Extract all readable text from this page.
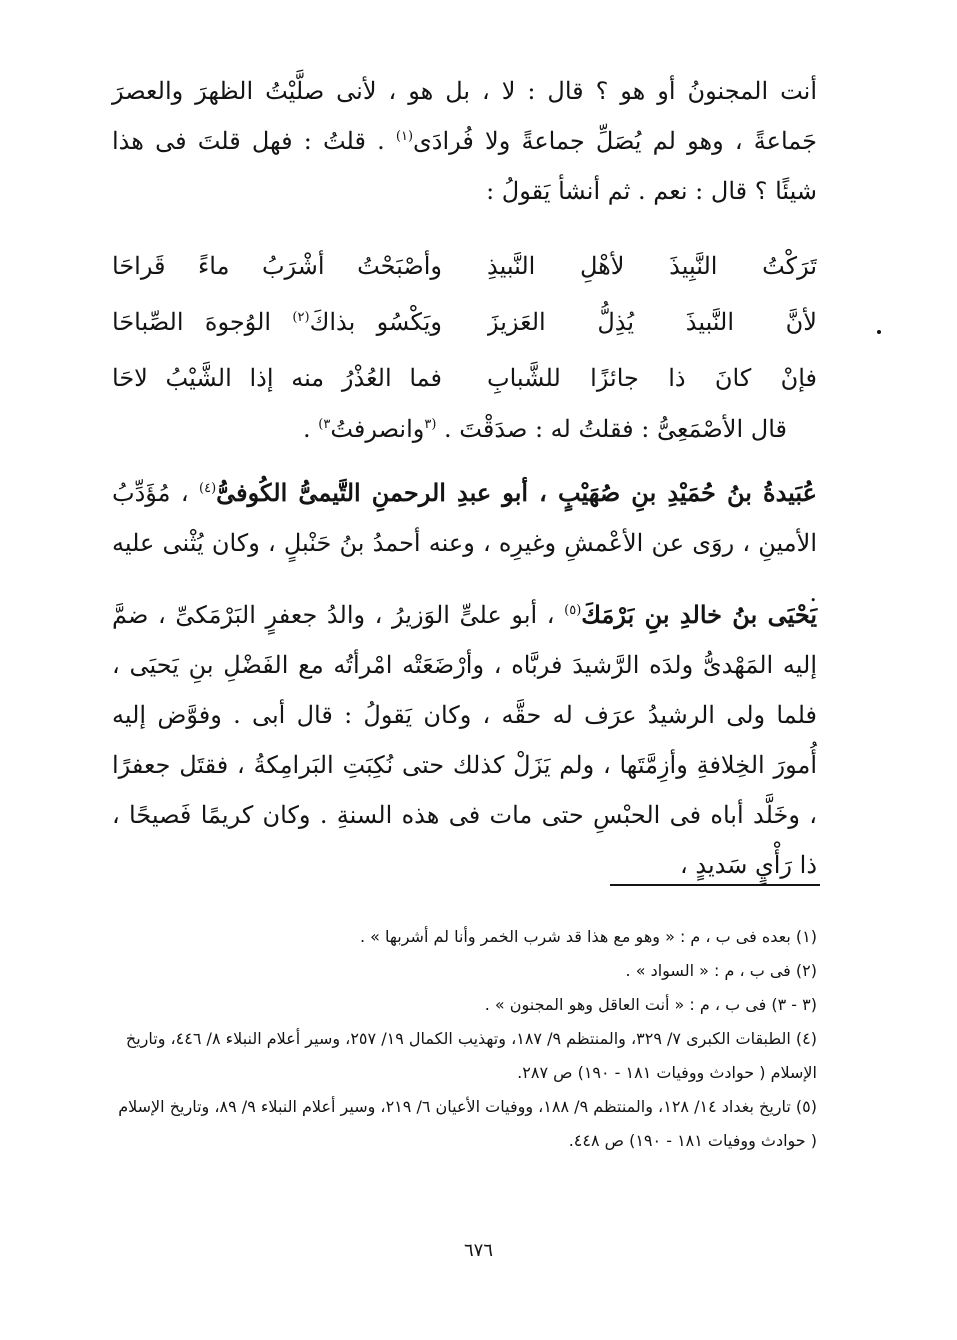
أنت المجنونُ أو هو ؟ قال : لا ، بل هو ، لأنى صلَّيْتُ الظهرَ والعصرَ جَماعةً ، وهو لم يُصَلِّ جماعةً ولا فُرادَى$^{(١)}$ . قلتُ : فهل قلتَ فى هذا شيئًا ؟ قال : نعم . ثم أنشأ يَقولُ :
تَرَكْتُ النَّبِيذَ لأهْلِ النَّبيذِ
وأصْبَحْتُ أشْرَبُ ماءً قَراحَا
لأنَّ النَّبيذَ يُذِلُّ العَزيزَ
ويَكْسُو بذاكَ$^{(٢)}$ الوُجوهَ الصِّباحَا
فإنْ كانَ ذا جائزًا للشَّبابِ
فما العُذْرُ منه إذا الشَّيْبُ لاحَا
قال الأصْمَعِىُّ : فقلتُ له : صدَقْتَ . $^{(٣}$وانصرفتُ$^{٣)}$ .
عُبَيدةُ بنُ حُمَيْدِ بنِ صُهَيْبٍ ، أبو عبدِ الرحمنِ التَّيمىُّ الكُوفىُّ$^{(٤)}$ ، مُؤَدِّبُ الأمينِ ، روَى عن الأعْمشِ وغيرِه ، وعنه أحمدُ بنُ حَنْبلٍ ، وكان يُثْنى عليه .
يَحْيَى بنُ خالدِ بنِ بَرْمَكَ$^{(٥)}$ ، أبو علىٍّ الوَزيرُ ، والدُ جعفرٍ البَرْمَكىِّ ، ضمَّ إليه المَهْدىُّ ولدَه الرَّشيدَ فربَّاه ، وأرْضَعَتْه امْرأتُه مع الفَضْلِ بنِ يَحيَى ، فلما ولى الرشيدُ عرَف له حقَّه ، وكان يَقولُ : قال أبى . وفوَّض إليه أُمورَ الخِلافةِ وأزِمَّتَها ، ولم يَزَلْ كذلك حتى نُكِبَتِ البَرامِكةُ ، فقتَل جعفرًا ، وخَلَّد أباه فى الحبْسِ حتى مات فى هذه السنةِ . وكان كريمًا فَصيحًا ، ذا رَأْيٍ سَديدٍ ،

(١) بعده فى ب ، م : « وهو مع هذا قد شرب الخمر وأنا لم أشربها » .

(٢) فى ب ، م : « السواد » .

(٣ - ٣) فى ب ، م : « أنت العاقل وهو المجنون » .

(٤) الطبقات الكبرى ٧/ ٣٢٩، والمنتظم ٩/ ١٨٧، وتهذيب الكمال ١٩/ ٢٥٧، وسير أعلام النبلاء ٨/ ٤٤٦، وتاريخ الإسلام ( حوادث ووفيات ١٨١ - ١٩٠) ص ٢٨٧.

(٥) تاريخ بغداد ١٤/ ١٢٨، والمنتظم ٩/ ١٨٨، ووفيات الأعيان ٦/ ٢١٩، وسير أعلام النبلاء ٩/ ٨٩، وتاريخ الإسلام ( حوادث ووفيات ١٨١ - ١٩٠) ص ٤٤٨.

٦٧٦
